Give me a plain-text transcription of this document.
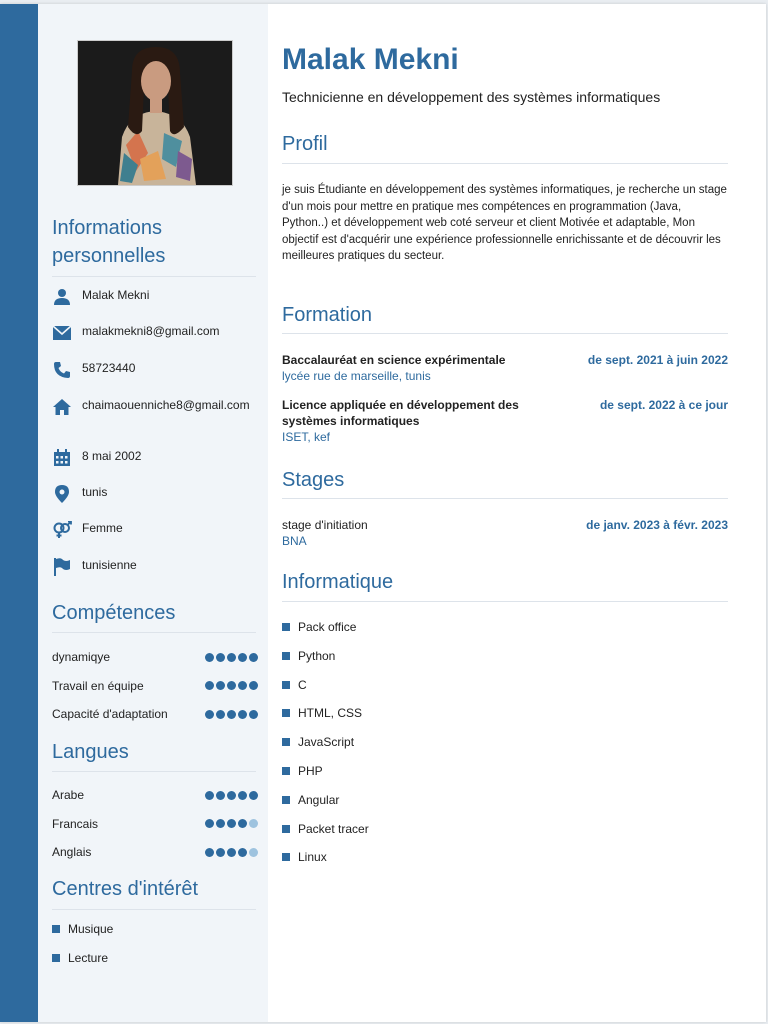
Informations personnelles
Malak Mekni
malakmekni8@gmail.com
58723440
chaimaouenniche8@gmail.com
8 mai 2002
tunis
Femme
tunisienne
Compétences
dynamiqye
Travail en équipe
Capacité d'adaptation
Langues
Arabe
Francais
Anglais
Centres d'intérêt
Musique
Lecture
Malak Mekni
Technicienne en développement des systèmes informatiques
Profil

je suis Étudiante en développement des systèmes informatiques, je recherche un stage d'un mois pour mettre en pratique mes compétences en programmation (Java, Python..) et développement web coté serveur et client Motivée et adaptable, Mon objectif est d'acquérir une expérience professionnelle enrichissante et de découvrir les meilleures pratiques du secteur.

Formation
Baccalauréat en science expérimentale	de sept. 2021 à juin 2022
lycée rue de marseille, tunis
Licence appliquée en développement des systèmes informatiques
de sept. 2022 à ce jour
ISET, kef
Stages
stage d'initiation	de janv. 2023 à févr. 2023
BNA
Informatique
Pack office
Python
C
HTML, CSS
JavaScript
PHP
Angular
Packet tracer
Linux
